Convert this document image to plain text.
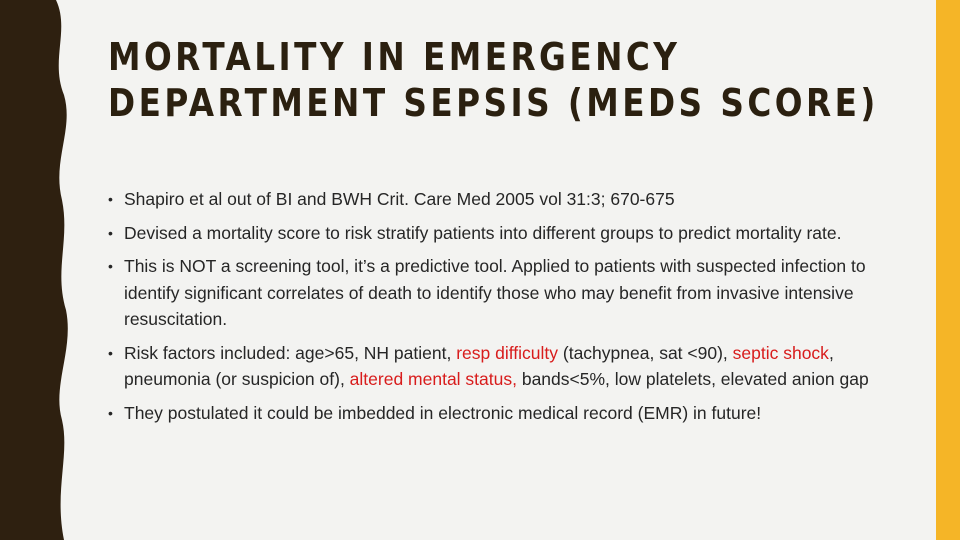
MORTALITY IN EMERGENCY
DEPARTMENT SEPSIS (MEDS SCORE)
• Shapiro et al out of BI and BWH Crit. Care Med 2005 vol 31:3; 670-675
• Devised a mortality score to risk stratify patients into different groups to predict mortality rate.
• This is NOT a screening tool, it’s a predictive tool. Applied to patients with suspected infection to identify significant correlates of death to identify those who may benefit from invasive intensive resuscitation.
• Risk factors included: age>65, NH patient, resp difficulty (tachypnea, sat <90), septic shock, pneumonia (or suspicion of), altered mental status, bands<5%, low platelets, elevated anion gap
• They postulated it could be imbedded in electronic medical record (EMR) in future!
